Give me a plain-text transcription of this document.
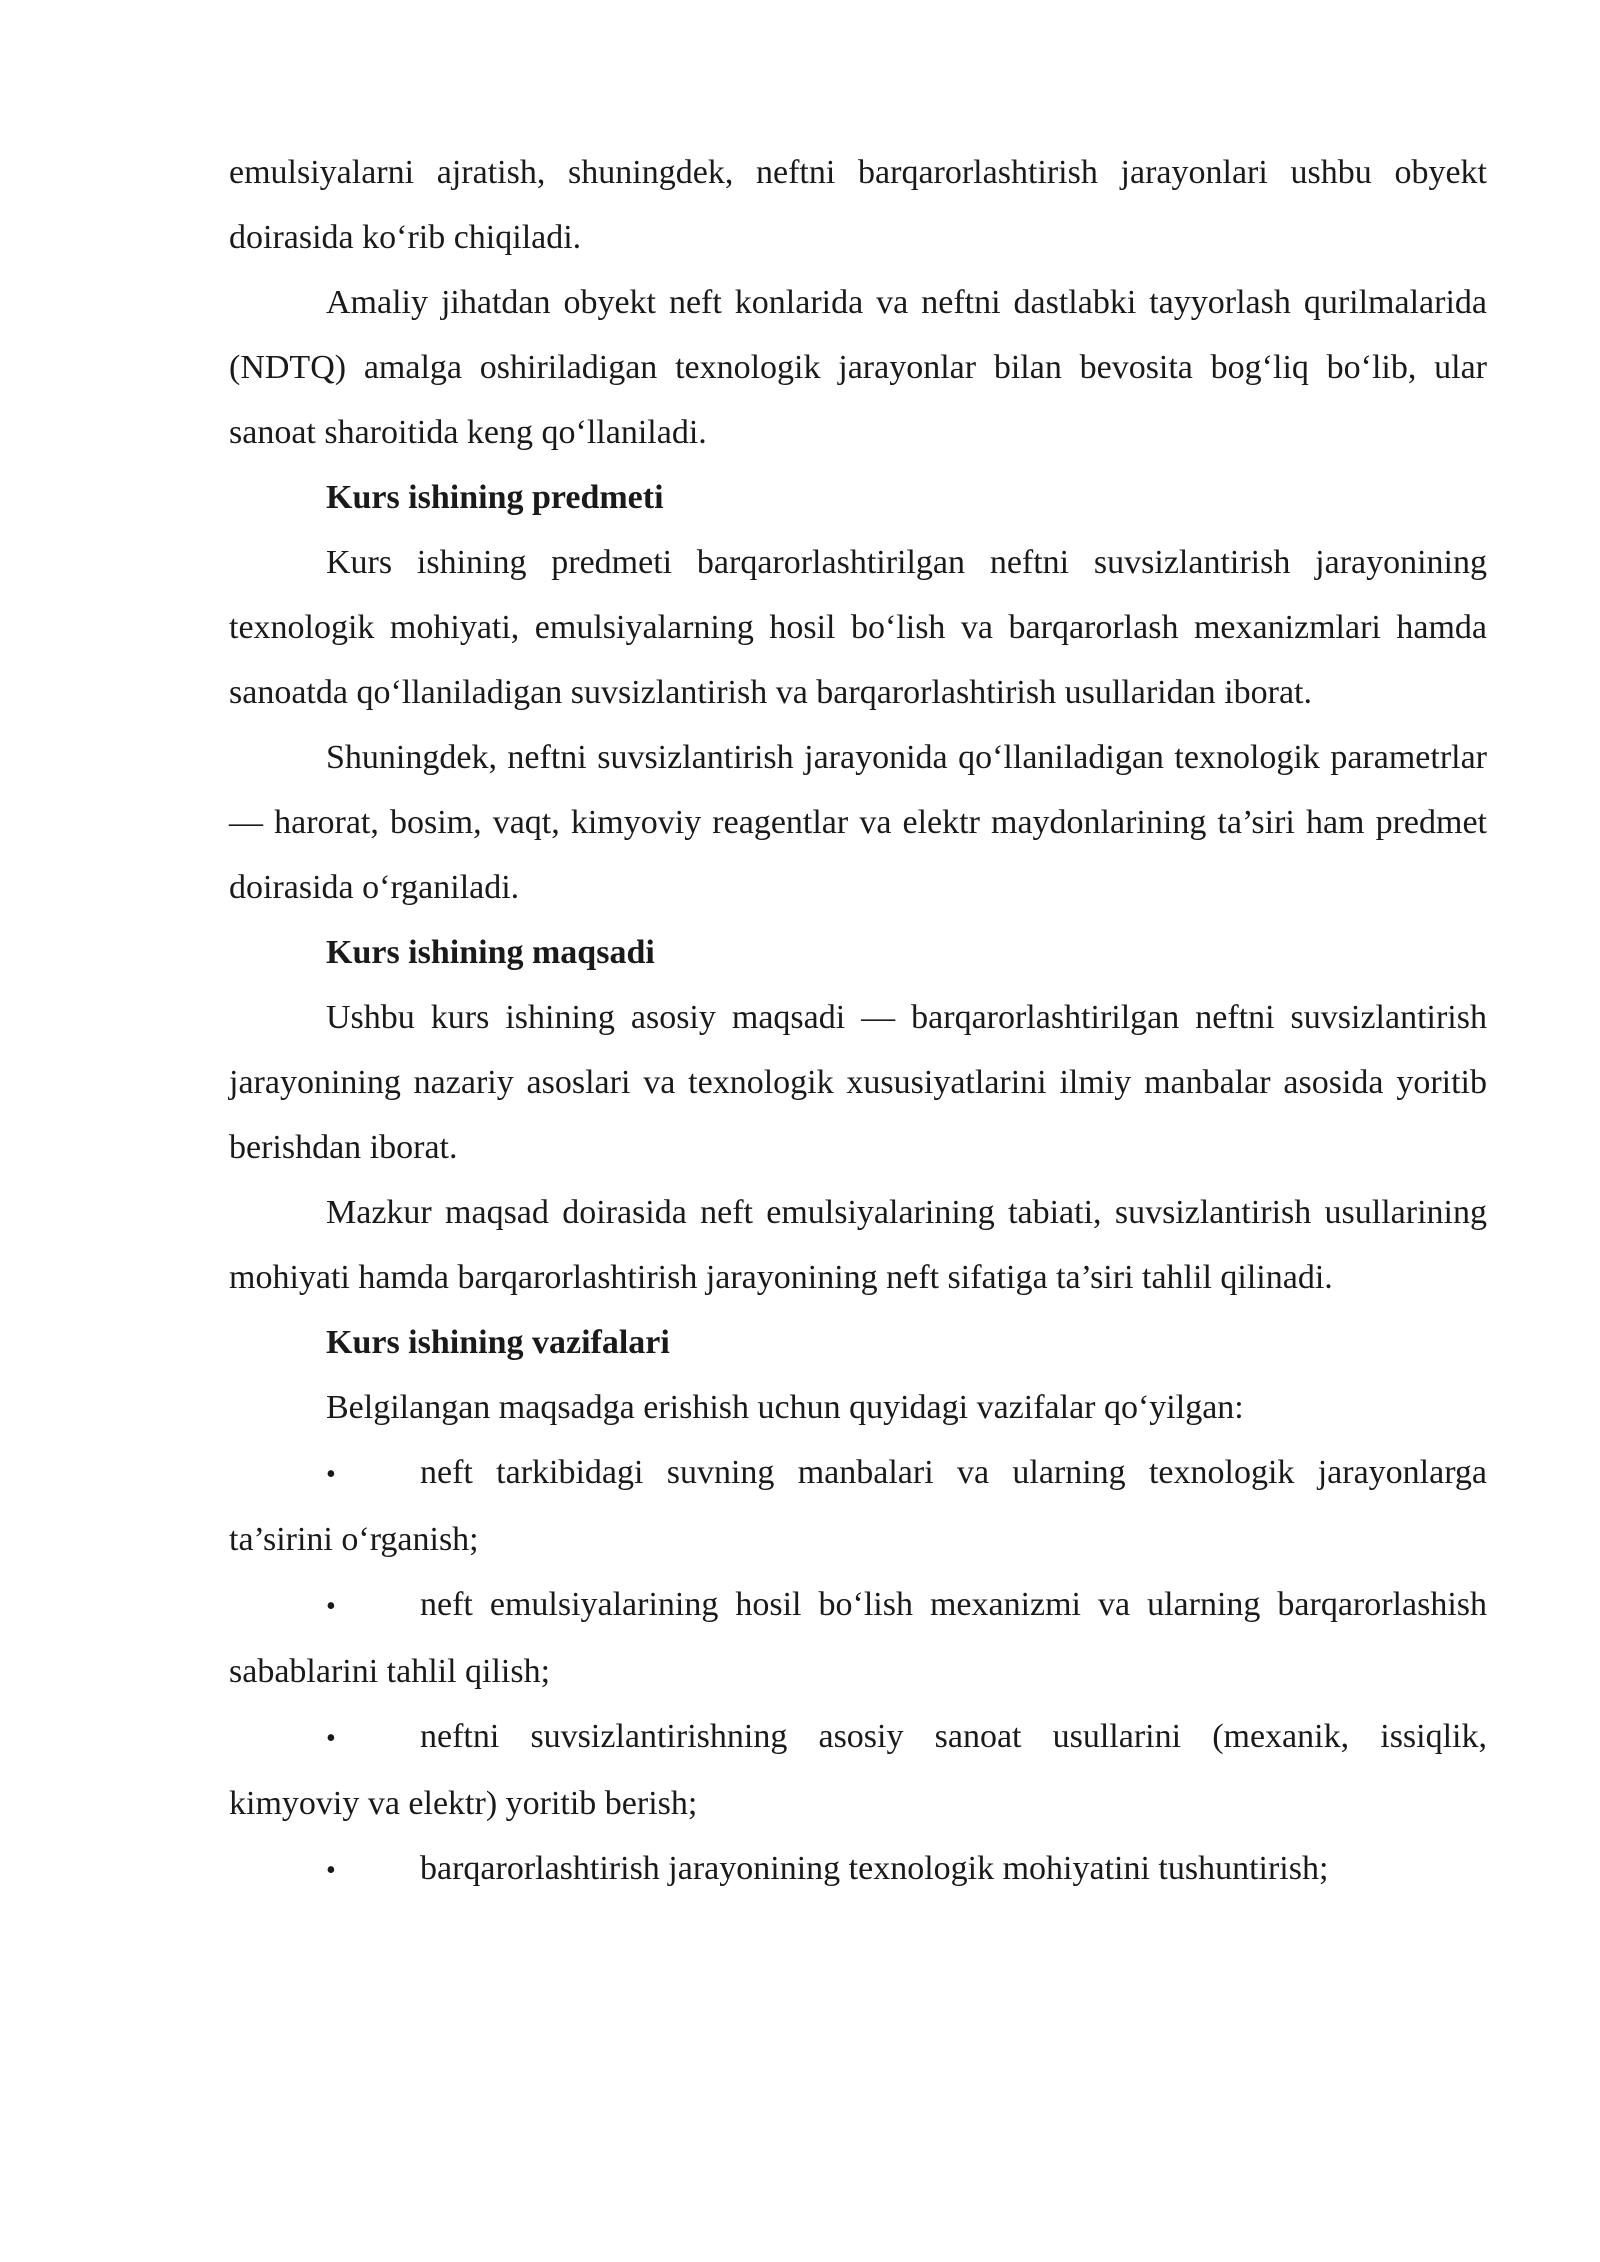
emulsiyalarni ajratish, shuningdek, neftni barqarorlashtirish jarayonlari ushbu obyekt doirasida ko‘rib chiqiladi.

Amaliy jihatdan obyekt neft konlarida va neftni dastlabki tayyorlash qurilmalarida (NDTQ) amalga oshiriladigan texnologik jarayonlar bilan bevosita bog‘liq bo‘lib, ular sanoat sharoitida keng qo‘llaniladi.

Kurs ishining predmeti

Kurs ishining predmeti barqarorlashtirilgan neftni suvsizlantirish jarayonining texnologik mohiyati, emulsiyalarning hosil bo‘lish va barqarorlash mexanizmlari hamda sanoatda qo‘llaniladigan suvsizlantirish va barqarorlashtirish usullaridan iborat.

Shuningdek, neftni suvsizlantirish jarayonida qo‘llaniladigan texnologik parametrlar — harorat, bosim, vaqt, kimyoviy reagentlar va elektr maydonlarining ta’siri ham predmet doirasida o‘rganiladi.

Kurs ishining maqsadi

Ushbu kurs ishining asosiy maqsadi — barqarorlashtirilgan neftni suvsizlantirish jarayonining nazariy asoslari va texnologik xususiyatlarini ilmiy manbalar asosida yoritib berishdan iborat.

Mazkur maqsad doirasida neft emulsiyalarining tabiati, suvsizlantirish usullarining mohiyati hamda barqarorlashtirish jarayonining neft sifatiga ta’siri tahlil qilinadi.

Kurs ishining vazifalari

Belgilangan maqsadga erishish uchun quyidagi vazifalar qo‘yilgan:

• neft tarkibidagi suvning manbalari va ularning texnologik jarayonlarga ta’sirini o‘rganish;

• neft emulsiyalarining hosil bo‘lish mexanizmi va ularning barqarorlashish sabablarini tahlil qilish;

• neftni suvsizlantirishning asosiy sanoat usullarini (mexanik, issiqlik, kimyoviy va elektr) yoritib berish;

• barqarorlashtirish jarayonining texnologik mohiyatini tushuntirish;
